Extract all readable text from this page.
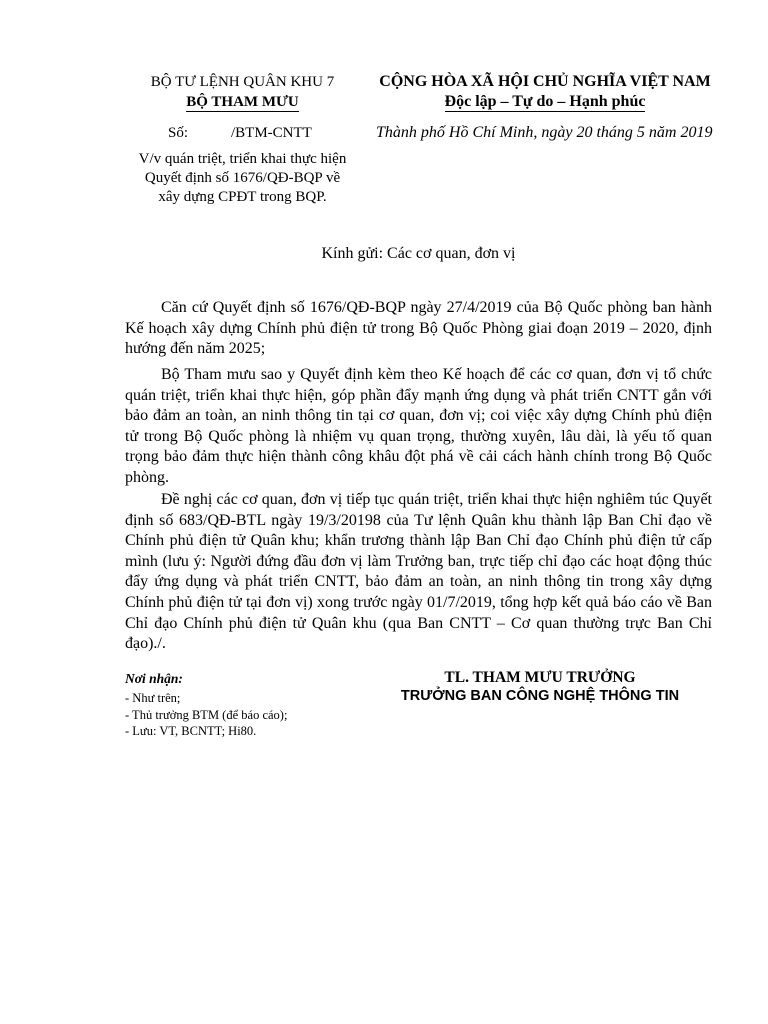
BỘ TƯ LỆNH QUÂN KHU 7
BỘ THAM MƯU
Số:	/BTM-CNTT
V/v quán triệt, triển khai thực hiện
Quyết định số 1676/QĐ-BQP về
xây dựng CPĐT trong BQP.
CỘNG HÒA XÃ HỘI CHỦ NGHĨA VIỆT NAM
Độc lập – Tự do – Hạnh phúc
Thành phố Hồ Chí Minh, ngày 20 tháng 5 năm 2019
Kính gửi: Các cơ quan, đơn vị
Căn cứ Quyết định số 1676/QĐ-BQP ngày 27/4/2019 của Bộ Quốc phòng ban hành Kế hoạch xây dựng Chính phủ điện tử trong Bộ Quốc Phòng giai đoạn 2019 – 2020, định hướng đến năm 2025;
Bộ Tham mưu sao y Quyết định kèm theo Kế hoạch để các cơ quan, đơn vị tổ chức quán triệt, triển khai thực hiện, góp phần đẩy mạnh ứng dụng và phát triển CNTT gắn với bảo đảm an toàn, an ninh thông tin tại cơ quan, đơn vị; coi việc xây dựng Chính phủ điện tử trong Bộ Quốc phòng là nhiệm vụ quan trọng, thường xuyên, lâu dài, là yếu tố quan trọng bảo đảm thực hiện thành công khâu đột phá về cải cách hành chính trong Bộ Quốc phòng.
Đề nghị các cơ quan, đơn vị tiếp tục quán triệt, triển khai thực hiện nghiêm túc Quyết định số 683/QĐ-BTL ngày 19/3/20198 của Tư lệnh Quân khu thành lập Ban Chỉ đạo về Chính phủ điện tử Quân khu; khẩn trương thành lập Ban Chỉ đạo Chính phủ điện tử cấp mình (lưu ý: Người đứng đầu đơn vị làm Trưởng ban, trực tiếp chỉ đạo các hoạt động thúc đẩy ứng dụng và phát triển CNTT, bảo đảm an toàn, an ninh thông tin trong xây dựng Chính phủ điện tử tại đơn vị) xong trước ngày 01/7/2019, tổng hợp kết quả báo cáo về Ban Chỉ đạo Chính phủ điện tử Quân khu (qua Ban CNTT – Cơ quan thường trực Ban Chỉ đạo)./.
Nơi nhận:
- Như trên;
- Thủ trưởng BTM (để báo cáo);
- Lưu: VT, BCNTT; Hi80.
TL. THAM MƯU TRƯỞNG
TRƯỞNG BAN CÔNG NGHỆ THÔNG TIN
